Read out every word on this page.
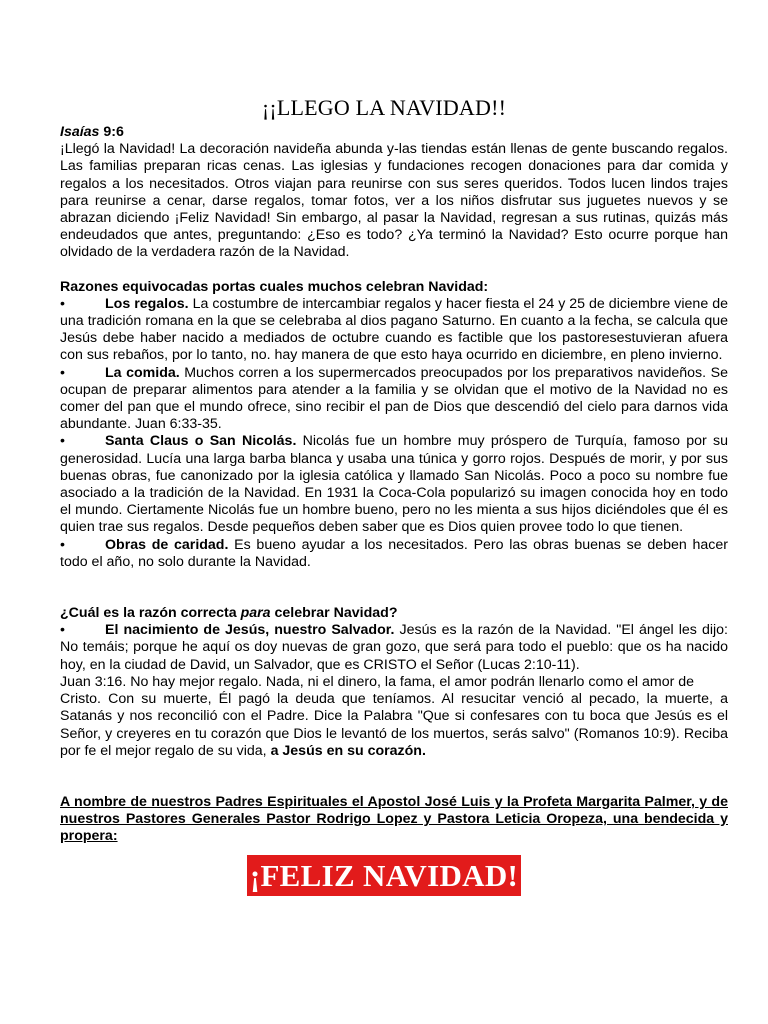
¡¡LLEGO LA NAVIDAD!!

Isaías 9:6

¡Llegó la Navidad! La decoración navideña abunda y-las tiendas están llenas de gente buscando regalos. Las familias preparan ricas cenas. Las iglesias y fundaciones recogen donaciones para dar comida y regalos a los necesitados. Otros viajan para reunirse con sus seres queridos. Todos lucen lindos trajes para reunirse a cenar, darse regalos, tomar fotos, ver a los niños disfrutar sus juguetes nuevos y se abrazan diciendo ¡Feliz Navidad! Sin embargo, al pasar la Navidad, regresan a sus rutinas, quizás más endeudados que antes, preguntando: ¿Eso es todo? ¿Ya terminó la Navidad? Esto ocurre porque han olvidado de la verdadera razón de la Navidad.

Razones equivocadas portas cuales muchos celebran Navidad:

•	Los regalos. La costumbre de intercambiar regalos y hacer fiesta el 24 y 25 de diciembre viene de una tradición romana en la que se celebraba al dios pagano Saturno. En cuanto a la fecha, se calcula que Jesús debe haber nacido a mediados de octubre cuando es factible que los pastoresestuvieran afuera con sus rebaños, por lo tanto, no. hay manera de que esto haya ocurrido en diciembre, en pleno invierno.

•	La comida. Muchos corren a los supermercados preocupados por los preparativos navideños. Se ocupan de preparar alimentos para atender a la familia y se olvidan que el motivo de la Navidad no es comer del pan que el mundo ofrece, sino recibir el pan de Dios que descendió del cielo para darnos vida abundante. Juan 6:33-35.

•	Santa Claus o San Nicolás. Nicolás fue un hombre muy próspero de Turquía, famoso por su generosidad. Lucía una larga barba blanca y usaba una túnica y gorro rojos. Después de morir, y por sus buenas obras, fue canonizado por la iglesia católica y llamado San Nicolás. Poco a poco su nombre fue asociado a la tradición de la Navidad. En 1931 la Coca-Cola popularizó su imagen conocida hoy en todo el mundo. Ciertamente Nicolás fue un hombre bueno, pero no les mienta a sus hijos diciéndoles que él es quien trae sus regalos. Desde pequeños deben saber que es Dios quien provee todo lo que tienen.

•	Obras de caridad. Es bueno ayudar a los necesitados. Pero las obras buenas se deben hacer todo el año, no solo durante la Navidad.

¿Cuál es la razón correcta para celebrar Navidad?

•	El nacimiento de Jesús, nuestro Salvador. Jesús es la razón de la Navidad. "El ángel les dijo: No temáis; porque he aquí os doy nuevas de gran gozo, que será para todo el pueblo: que os ha nacido hoy, en la ciudad de David, un Salvador, que es CRISTO el Señor (Lucas 2:10-11).

Juan 3:16. No hay mejor regalo. Nada, ni el dinero, la fama, el amor podrán llenarlo como el amor de

Cristo. Con su muerte, Él pagó la deuda que teníamos. Al resucitar venció al pecado, la muerte, a Satanás y nos reconcilió con el Padre. Dice la Palabra "Que si confesares con tu boca que Jesús es el Señor, y creyeres en tu corazón que Dios le levantó de los muertos, serás salvo" (Romanos 10:9). Reciba por fe el mejor regalo de su vida, a Jesús en su corazón.

A nombre de nuestros Padres Espirituales el Apostol José Luis y la Profeta Margarita Palmer, y de nuestros Pastores Generales Pastor Rodrigo Lopez y Pastora Leticia Oropeza, una bendecida y propera:

¡FELIZ NAVIDAD!
